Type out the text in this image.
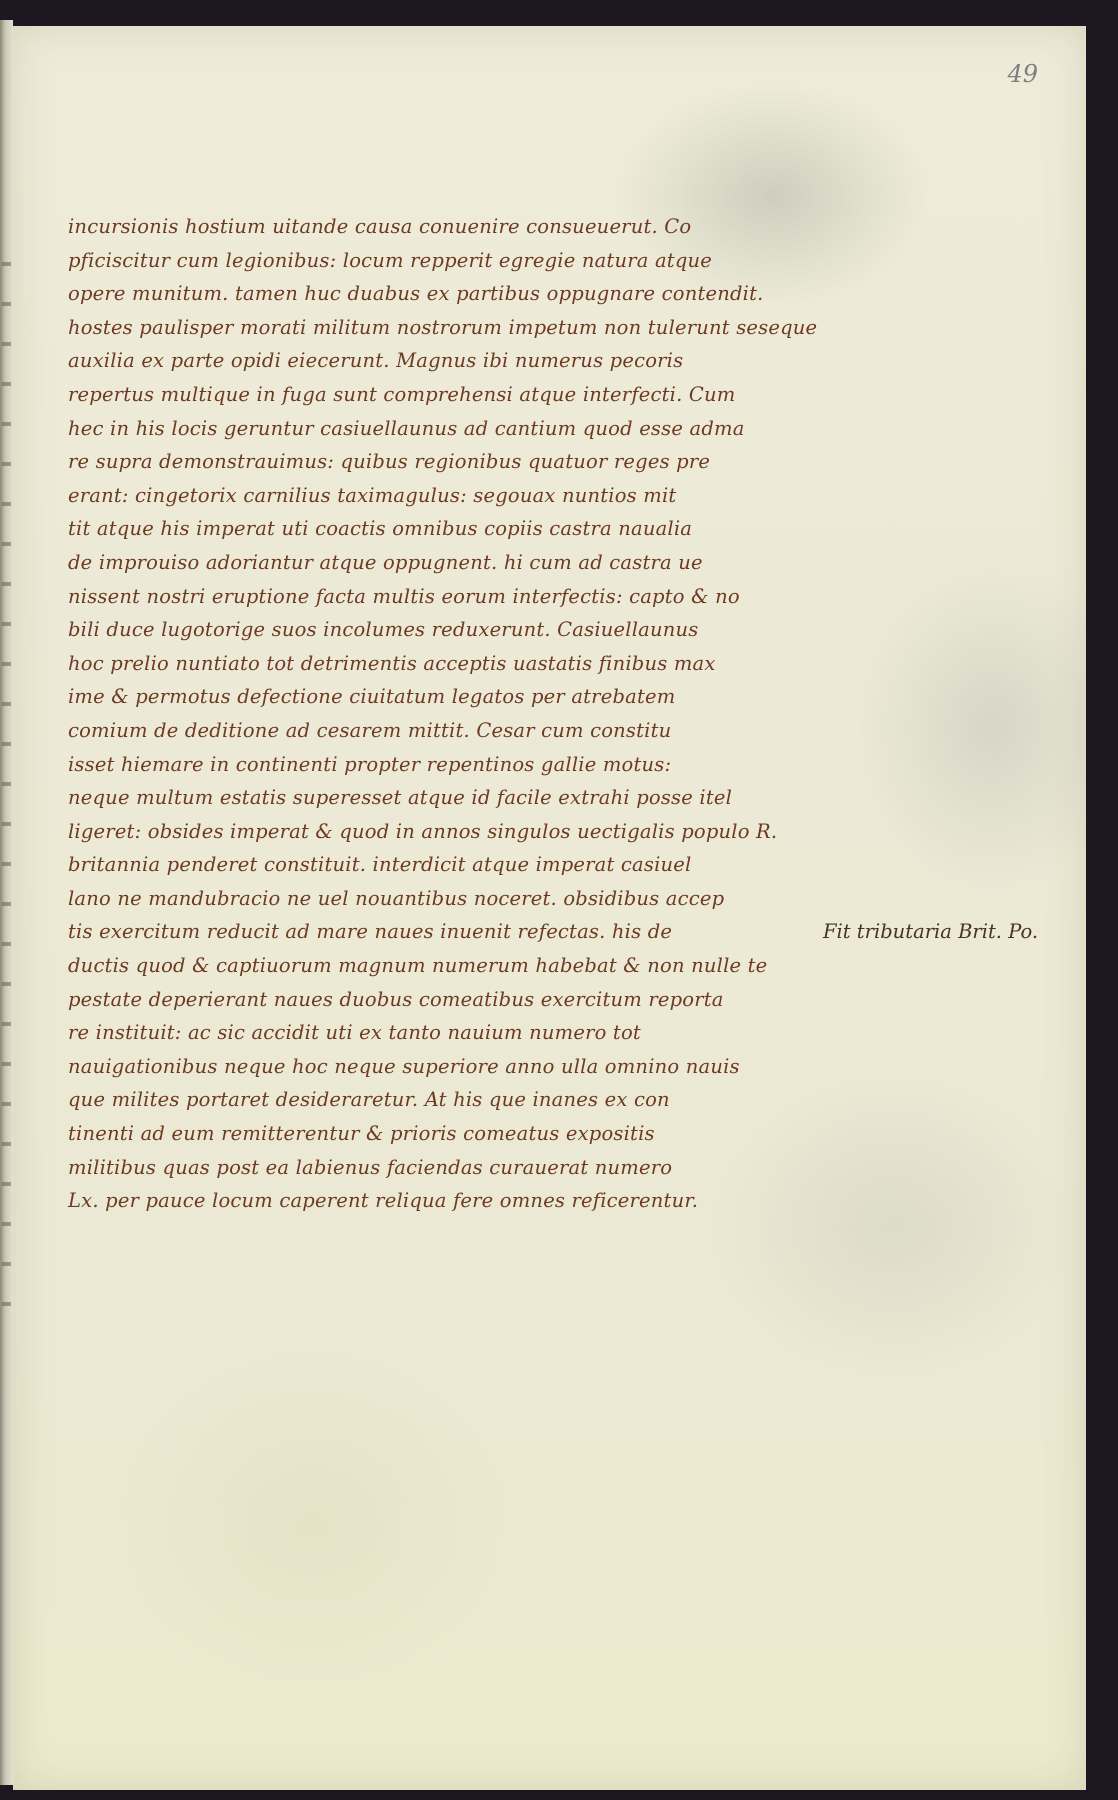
49
incursionis hostium uitande causa conuenire consueuerut. Co
pficiscitur cum legionibus: locum repperit egregie natura atque
opere munitum. tamen huc duabus ex partibus oppugnare contendit.
hostes paulisper morati militum nostrorum impetum non tulerunt seseque
auxilia ex parte opidi eiecerunt. Magnus ibi numerus pecoris
repertus multique in fuga sunt comprehensi atque interfecti. Cum
hec in his locis geruntur casiuellaunus ad cantium quod esse adma
re supra demonstrauimus: quibus regionibus quatuor reges pre
erant: cingetorix carnilius taximagulus: segouax nuntios mit
tit atque his imperat uti coactis omnibus copiis castra naualia
de improuiso adoriantur atque oppugnent. hi cum ad castra ue
nissent nostri eruptione facta multis eorum interfectis: capto & no
bili duce lugotorige suos incolumes reduxerunt. Casiuellaunus
hoc prelio nuntiato tot detrimentis acceptis uastatis finibus max
ime & permotus defectione ciuitatum legatos per atrebatem
comium de deditione ad cesarem mittit. Cesar cum constitu
isset hiemare in continenti propter repentinos gallie motus:
neque multum estatis superesset atque id facile extrahi posse itel
ligeret: obsides imperat & quod in annos singulos uectigalis populo R.
britannia penderet constituit. interdicit atque imperat casiuel
lano ne mandubracio ne uel nouantibus noceret. obsidibus accep
tis exercitum reducit ad mare naues inuenit refectas. his de
ductis quod & captiuorum magnum numerum habebat & non nulle te
pestate deperierant naues duobus comeatibus exercitum reporta
re instituit: ac sic accidit uti ex tanto nauium numero tot
nauigationibus neque hoc neque superiore anno ulla omnino nauis
que milites portaret desideraretur. At his que inanes ex con
tinenti ad eum remitterentur & prioris comeatus expositis
militibus quas post ea labienus faciendas curauerat numero
Lx. per pauce locum caperent reliqua fere omnes reficerentur.
Fit tributaria Brit. Po.
